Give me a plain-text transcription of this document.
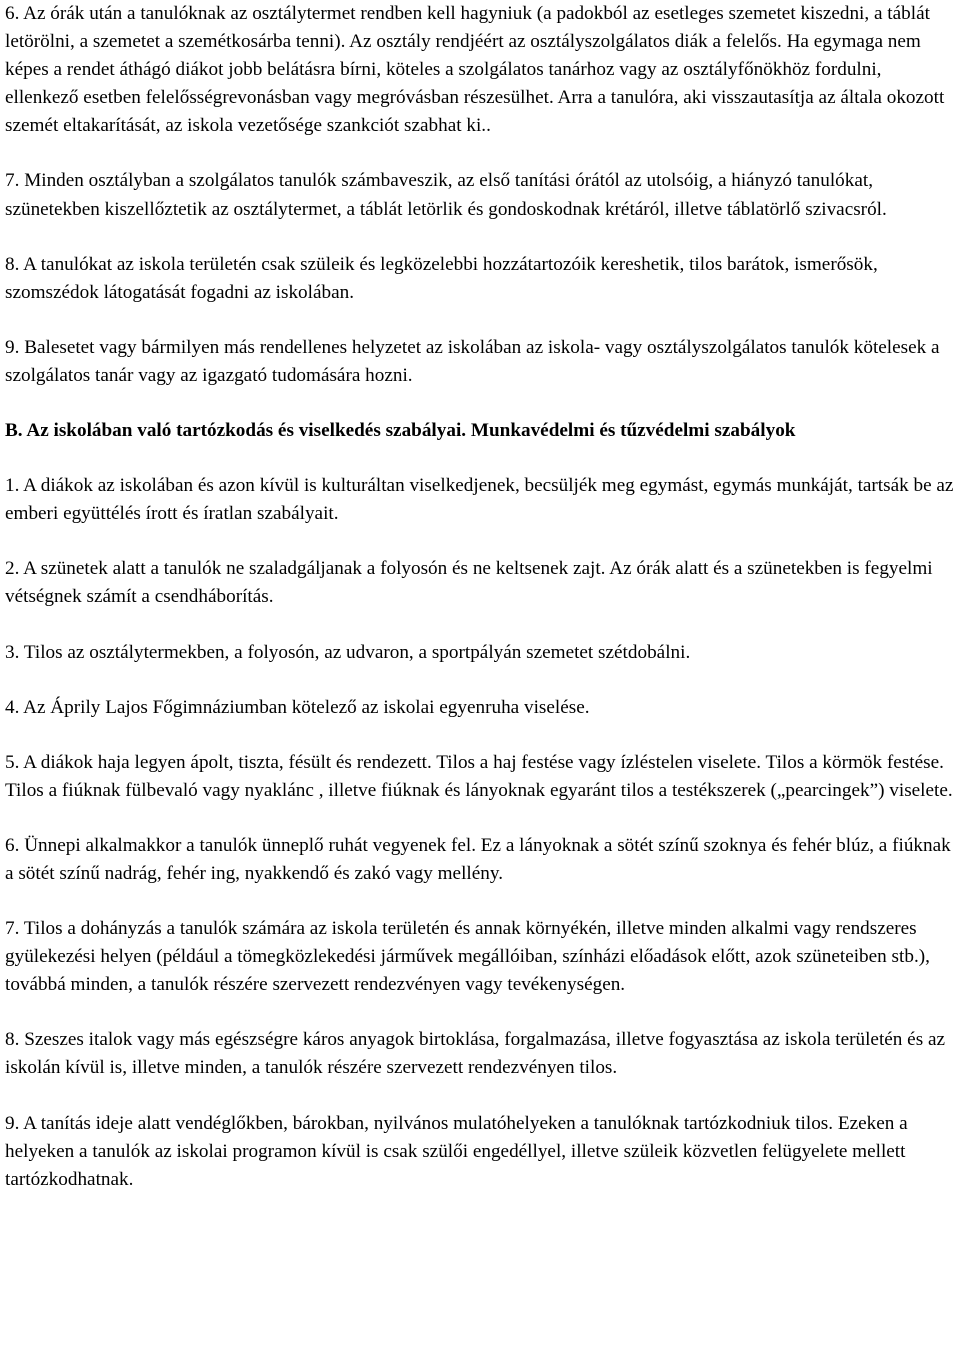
6. Az órák után a tanulóknak az osztálytermet rendben kell hagyniuk (a padokból az esetleges szemetet kiszedni, a táblát letörölni, a szemetet a szemétkosárba tenni). Az osztály rendjéért az osztályszolgálatos diák a felelős. Ha egymaga nem képes a rendet áthágó diákot jobb belátásra bírni, köteles a szolgálatos tanárhoz vagy az osztályfőnökhöz fordulni, ellenkező esetben felelősségrevonásban vagy megróvásban részesülhet. Arra a tanulóra, aki visszautasítja az általa okozott szemét eltakarítását, az iskola vezetősége szankciót szabhat ki..

7. Minden osztályban a szolgálatos tanulók számbaveszik, az első tanítási órától az utolsóig, a hiányzó tanulókat, szünetekben kiszellőztetik az osztálytermet, a táblát letörlik és gondoskodnak krétáról, illetve táblatörlő szivacsról.

8. A tanulókat az iskola területén csak szüleik és legközelebbi hozzátartozóik kereshetik, tilos barátok, ismerősök, szomszédok látogatását fogadni az iskolában.

9. Balesetet vagy bármilyen más rendellenes helyzetet az iskolában az iskola- vagy osztályszolgálatos tanulók kötelesek a szolgálatos tanár vagy az igazgató tudomására hozni.

B. Az iskolában való tartózkodás és viselkedés szabályai. Munkavédelmi és tűzvédelmi szabályok

1. A diákok az iskolában és azon kívül is kulturáltan viselkedjenek, becsüljék meg egymást, egymás munkáját, tartsák be az emberi együttélés írott és íratlan szabályait.

2. A szünetek alatt a tanulók ne szaladgáljanak a folyosón és ne keltsenek zajt. Az órák alatt és a szünetekben is fegyelmi vétségnek számít a csendháborítás.

3. Tilos az osztálytermekben, a folyosón, az udvaron, a sportpályán szemetet szétdobálni.

4. Az Áprily Lajos Főgimnáziumban kötelező az iskolai egyenruha viselése.

5. A diákok haja legyen ápolt, tiszta, fésült és rendezett. Tilos a haj festése vagy ízléstelen viselete. Tilos a körmök festése. Tilos a fiúknak fülbevaló vagy nyaklánc , illetve fiúknak és lányoknak egyaránt tilos a testékszerek („pearcingek”) viselete.

6. Ünnepi alkalmakkor a tanulók ünneplő ruhát vegyenek fel. Ez a lányoknak a sötét színű szoknya és fehér blúz, a fiúknak a sötét színű nadrág, fehér ing, nyakkendő és zakó vagy mellény.

7. Tilos a dohányzás a tanulók számára az iskola területén és annak környékén, illetve minden alkalmi vagy rendszeres gyülekezési helyen (például a tömegközlekedési járművek megállóiban, színházi előadások előtt, azok szüneteiben stb.), továbbá minden, a tanulók részére szervezett rendezvényen vagy tevékenységen.

8. Szeszes italok vagy más egészségre káros anyagok birtoklása, forgalmazása, illetve fogyasztása az iskola területén és az iskolán kívül is, illetve minden, a tanulók részére szervezett rendezvényen tilos.

9. A tanítás ideje alatt vendéglőkben, bárokban, nyilvános mulatóhelyeken a tanulóknak tartózkodniuk tilos. Ezeken a helyeken a tanulók az iskolai programon kívül is csak szülői engedéllyel, illetve szüleik közvetlen felügyelete mellett tartózkodhatnak.
